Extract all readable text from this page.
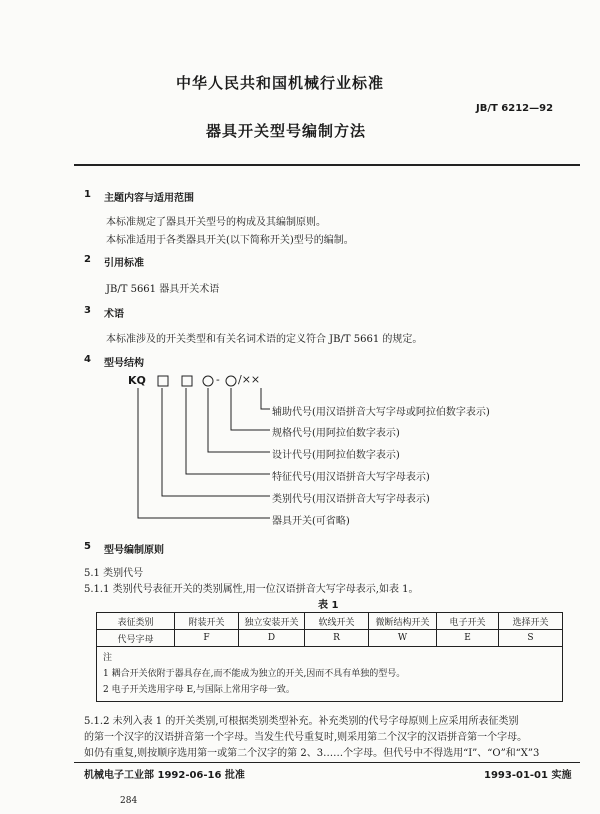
中华人民共和国机械行业标准
JB/T 6212—92
器具开关型号编制方法
1 主题内容与适用范围
本标准规定了器具开关型号的构成及其编制原则。
本标准适用于各类器具开关(以下简称开关)型号的编制。
2 引用标准
JB/T 5661 器具开关术语
3 术语
本标准涉及的开关类型和有关名词术语的定义符合 JB/T 5661 的规定。
4 型号结构
KQ	- /××
辅助代号(用汉语拼音大写字母或阿拉伯数字表示)
规格代号(用阿拉伯数字表示)
设计代号(用阿拉伯数字表示)
特征代号(用汉语拼音大写字母表示)
类别代号(用汉语拼音大写字母表示)
器具开关(可省略)
5 型号编制原则
5.1 类别代号
5.1.1 类别代号表征开关的类别属性,用一位汉语拼音大写字母表示,如表 1。
表 1
表征类别	附装开关	独立安装开关	软线开关	微断结构开关	电子开关	选择开关
代号字母	F	D	R	W	E	S

注
1 耦合开关依附于器具存在,而不能成为独立的开关,因而不具有单独的型号。
2 电子开关选用字母 E,与国际上常用字母一致。						
5.1.2 未列入表 1 的开关类别,可根据类别类型补充。补充类别的代号字母原则上应采用所表征类别
的第一个汉字的汉语拼音第一个字母。当发生代号重复时,则采用第二个汉字的汉语拼音第一个字母。
如仍有重复,则按顺序选用第一或第二个汉字的第 2、3……个字母。但代号中不得选用“I”、“O”和“X”3
机械电子工业部 1992-06-16 批准	1993-01-01 实施
284
